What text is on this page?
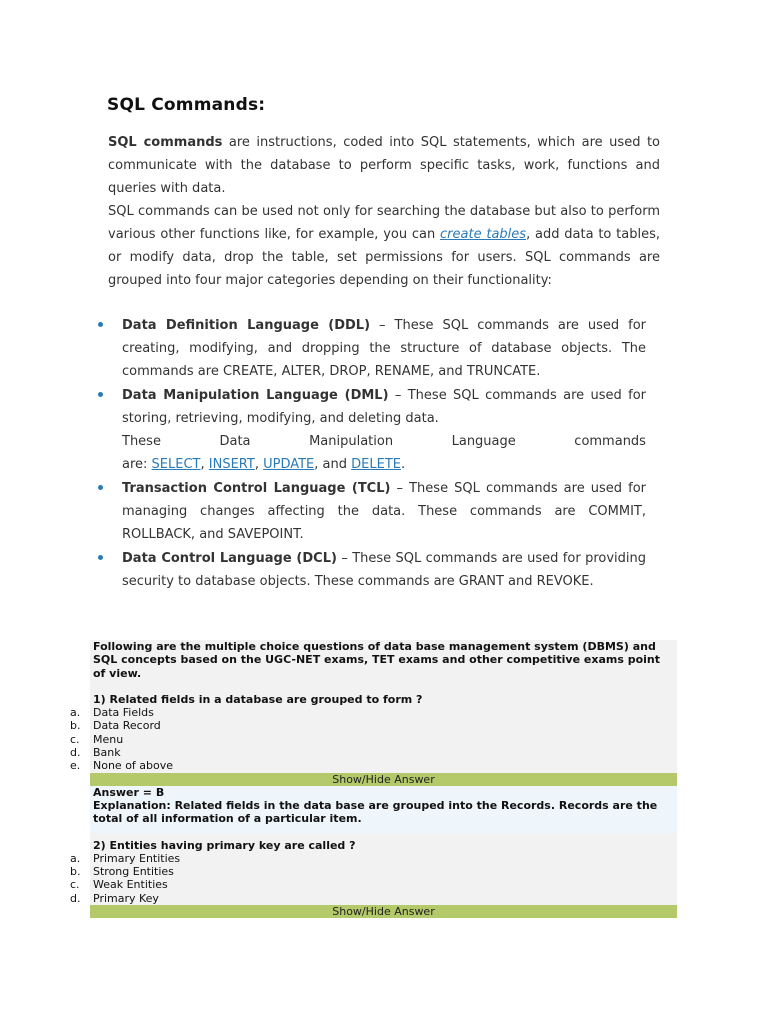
SQL Commands:

SQL commands are instructions, coded into SQL statements, which are used to communicate with the database to perform specific tasks, work, functions and queries with data.

SQL commands can be used not only for searching the database but also to perform various other functions like, for example, you can create tables, add data to tables, or modify data, drop the table, set permissions for users. SQL commands are grouped into four major categories depending on their functionality:

Data Definition Language (DDL) – These SQL commands are used for creating, modifying, and dropping the structure of database objects. The commands are CREATE, ALTER, DROP, RENAME, and TRUNCATE.
Data Manipulation Language (DML) – These SQL commands are used for storing, retrieving, modifying, and deleting data.
These	Data	Manipulation	Language	commands
are: SELECT, INSERT, UPDATE, and DELETE.
Transaction Control Language (TCL) – These SQL commands are used for managing changes affecting the data. These commands are COMMIT, ROLLBACK, and SAVEPOINT.
Data Control Language (DCL) – These SQL commands are used for providing security to database objects. These commands are GRANT and REVOKE.
Following are the multiple choice questions of data base management system (DBMS) and SQL concepts based on the UGC-NET exams, TET exams and other competitive exams point of view.
1) Related fields in a database are grouped to form ?
a. Data Fields
b. Data Record
c. Menu
d. Bank
e. None of above
Show/Hide Answer
Answer = B
Explanation: Related fields in the data base are grouped into the Records. Records are the total of all information of a particular item.
2) Entities having primary key are called ?
a. Primary Entities
b. Strong Entities
c. Weak Entities
d. Primary Key
Show/Hide Answer
